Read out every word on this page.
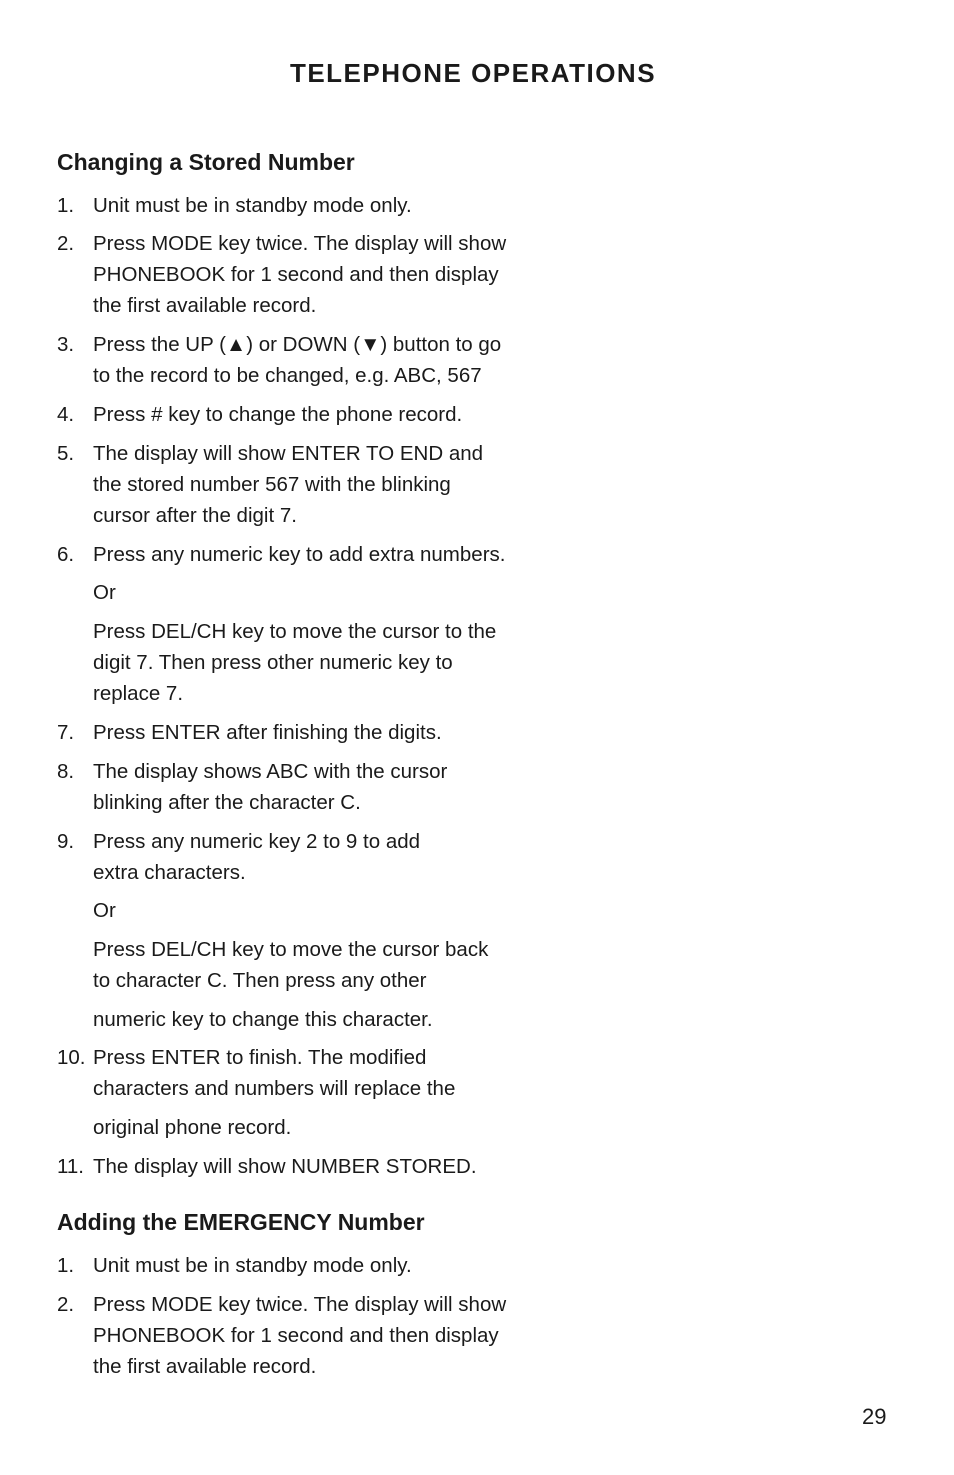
TELEPHONE OPERATIONS
Changing a Stored Number
1. Unit must be in standby mode only.
2. Press MODE key twice. The display will show
PHONEBOOK for 1 second and then display
the first available record.
3. Press the UP (▲) or DOWN (▼) button to go
to the record to be changed, e.g. ABC, 567
4. Press # key to change the phone record.
5. The display will show ENTER TO END and
the stored number 567 with the blinking
cursor after the digit 7.
6. Press any numeric key to add extra numbers.
Or
Press DEL/CH key to move the cursor to the
digit 7. Then press other numeric key to
replace 7.
7. Press ENTER after finishing the digits.
8. The display shows ABC with the cursor
blinking after the character C.
9. Press any numeric key 2 to 9 to add
extra characters.
Or
Press DEL/CH key to move the cursor back
to character C. Then press any other
numeric key to change this character.
10. Press ENTER to finish. The modified
characters and numbers will replace the
original phone record.
11. The display will show NUMBER STORED.
Adding the EMERGENCY Number
1. Unit must be in standby mode only.
2. Press MODE key twice. The display will show
PHONEBOOK for 1 second and then display
the first available record.
29
